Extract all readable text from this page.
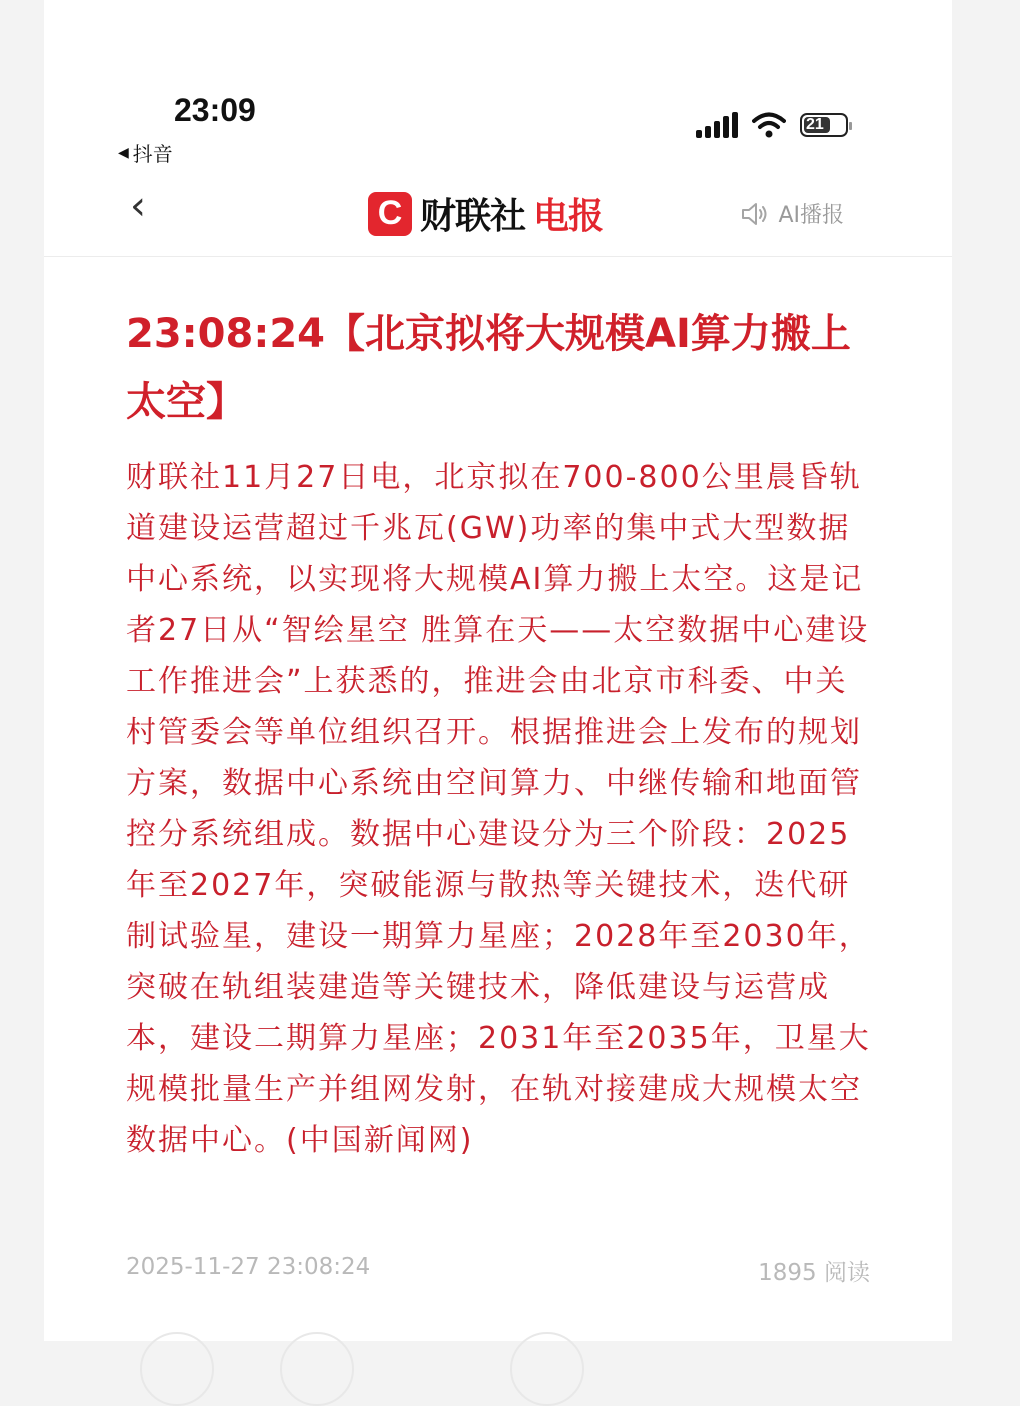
23:09
◀ 抖音
21
‹	C 财联社 电报	AI播报
23:08:24【北京拟将大规模AI算力搬上太空】
财联社11月27日电，北京拟在700-800公里晨昏轨道建设运营超过千兆瓦(GW)功率的集中式大型数据中心系统，以实现将大规模AI算力搬上太空。这是记者27日从“智绘星空 胜算在天——太空数据中心建设工作推进会”上获悉的，推进会由北京市科委、中关村管委会等单位组织召开。根据推进会上发布的规划方案，数据中心系统由空间算力、中继传输和地面管控分系统组成。数据中心建设分为三个阶段：2025年至2027年，突破能源与散热等关键技术，迭代研制试验星，建设一期算力星座；2028年至2030年，突破在轨组装建造等关键技术，降低建设与运营成本，建设二期算力星座；2031年至2035年，卫星大规模批量生产并组网发射，在轨对接建成大规模太空数据中心。(中国新闻网)
2025-11-27 23:08:24	1895 阅读
